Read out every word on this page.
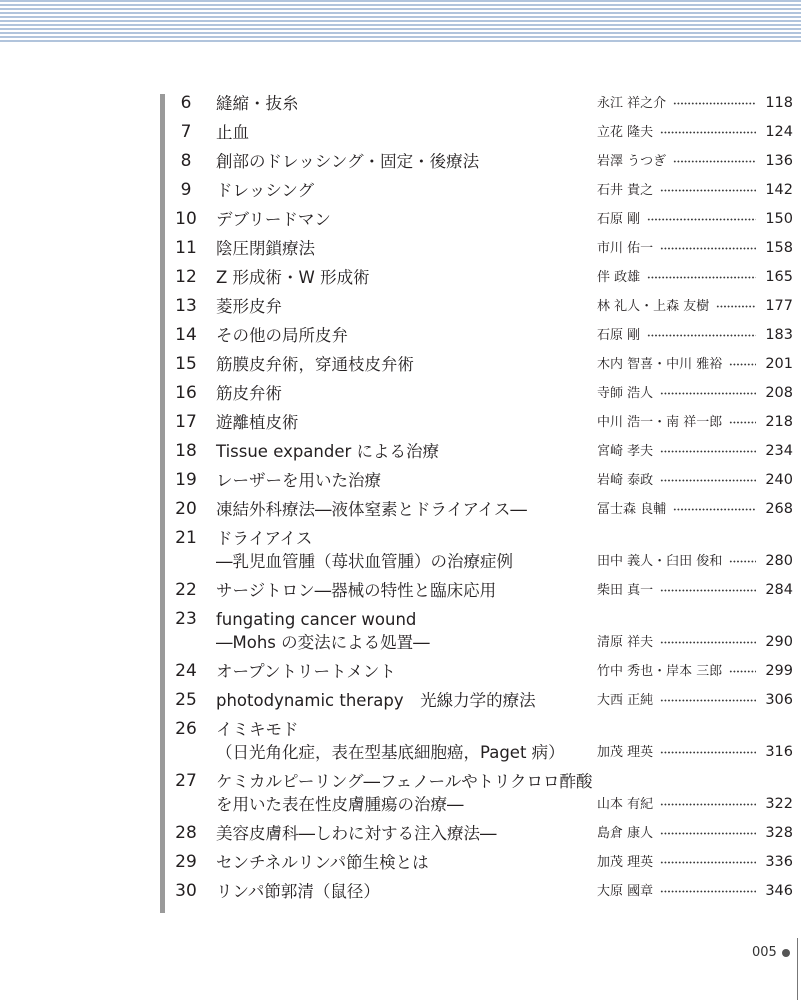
6	縫縮・抜糸	永江 祥之介	118
7	止血	立花 隆夫	124
8	創部のドレッシング・固定・後療法	岩澤 うつぎ	136
9	ドレッシング	石井 貴之	142
10	デブリードマン	石原 剛	150
11	陰圧閉鎖療法	市川 佑一	158
12	Z 形成術・W 形成術	伴 政雄	165
13	菱形皮弁	林 礼人・上森 友樹	177
14	その他の局所皮弁	石原 剛	183
15	筋膜皮弁術，穿通枝皮弁術	木内 智喜・中川 雅裕	201
16	筋皮弁術	寺師 浩人	208
17	遊離植皮術	中川 浩一・南 祥一郎	218
18	Tissue expander による治療	宮崎 孝夫	234
19	レーザーを用いた治療	岩崎 泰政	240
20	凍結外科療法―液体窒素とドライアイス―	冨士森 良輔	268
21	ドライアイス
―乳児血管腫（苺状血管腫）の治療症例	田中 義人・臼田 俊和	280
22	サージトロン―器械の特性と臨床応用	柴田 真一	284
23	fungating cancer wound
―Mohs の変法による処置―	清原 祥夫	290
24	オープントリートメント	竹中 秀也・岸本 三郎	299
25	photodynamic therapy　光線力学的療法	大西 正純	306
26	イミキモド
（日光角化症，表在型基底細胞癌，Paget 病）	加茂 理英	316
27	ケミカルピーリング―フェノールやトリクロロ酢酸
を用いた表在性皮膚腫瘍の治療―	山本 有紀	322
28	美容皮膚科―しわに対する注入療法―	島倉 康人	328
29	センチネルリンパ節生検とは	加茂 理英	336
30	リンパ節郭清（鼠径）	大原 國章	346
005
